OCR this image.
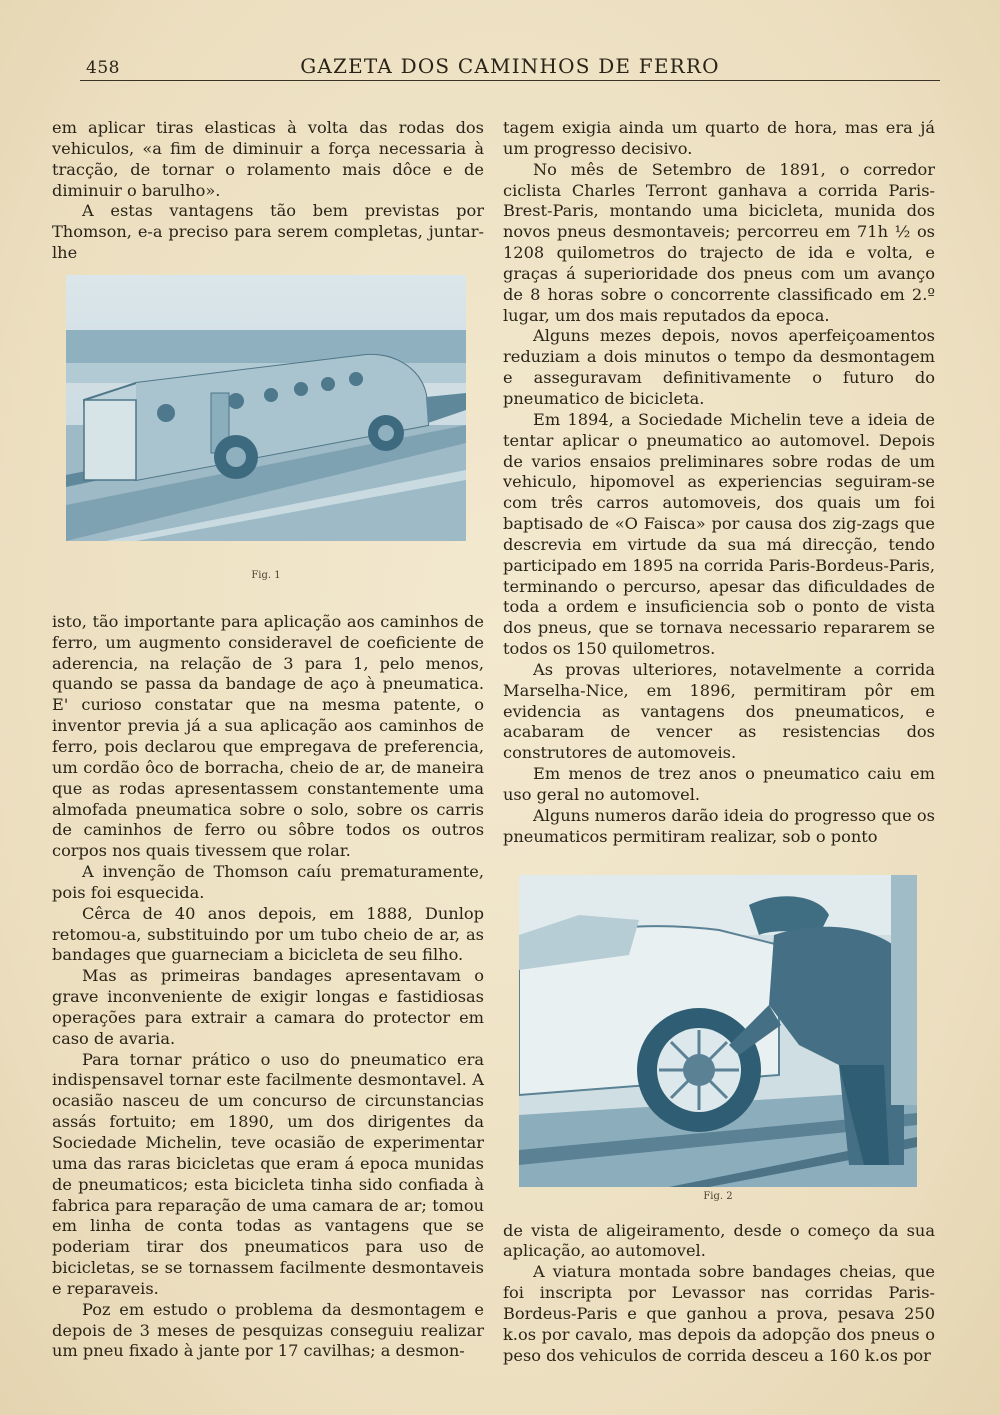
458	GAZETA DOS CAMINHOS DE FERRO

em aplicar tiras elasticas à volta das rodas dos vehiculos, «a fim de diminuir a força necessaria à tracção, de tornar o rolamento mais dôce e de diminuir o barulho».

A estas vantagens tão bem previstas por Thomson, e-a preciso para serem completas, juntar-lhe

Fig. 1

isto, tão importante para aplicação aos caminhos de ferro, um augmento consideravel de coeficiente de aderencia, na relação de 3 para 1, pelo menos, quando se passa da bandage de aço à pneumatica. E' curioso constatar que na mesma patente, o inventor previa já a sua aplicação aos caminhos de ferro, pois declarou que empregava de preferencia, um cordão ôco de borracha, cheio de ar, de maneira que as rodas apresentassem constantemente uma almofada pneumatica sobre o solo, sobre os carris de caminhos de ferro ou sôbre todos os outros corpos nos quais tivessem que rolar.

A invenção de Thomson caíu prematuramente, pois foi esquecida.

Cêrca de 40 anos depois, em 1888, Dunlop retomou-a, substituindo por um tubo cheio de ar, as bandages que guarneciam a bicicleta de seu filho.

Mas as primeiras bandages apresentavam o grave inconveniente de exigir longas e fastidiosas operações para extrair a camara do protector em caso de avaria.

Para tornar prático o uso do pneumatico era indispensavel tornar este facilmente desmontavel. A ocasião nasceu de um concurso de circunstancias assás fortuito; em 1890, um dos dirigentes da Sociedade Michelin, teve ocasião de experimentar uma das raras bicicletas que eram á epoca munidas de pneumaticos; esta bicicleta tinha sido confiada à fabrica para reparação de uma camara de ar; tomou em linha de conta todas as vantagens que se poderiam tirar dos pneumaticos para uso de bicicletas, se se tornassem facilmente desmontaveis e reparaveis.

Poz em estudo o problema da desmontagem e depois de 3 meses de pesquizas conseguiu realizar um pneu fixado à jante por 17 cavilhas; a desmon-

tagem exigia ainda um quarto de hora, mas era já um progresso decisivo.

No mês de Setembro de 1891, o corredor ciclista Charles Terront ganhava a corrida Paris-Brest-Paris, montando uma bicicleta, munida dos novos pneus desmontaveis; percorreu em 71h ½ os 1208 quilometros do trajecto de ida e volta, e graças á superioridade dos pneus com um avanço de 8 horas sobre o concorrente classificado em 2.º lugar, um dos mais reputados da epoca.

Alguns mezes depois, novos aperfeiçoamentos reduziam a dois minutos o tempo da desmontagem e asseguravam definitivamente o futuro do pneumatico de bicicleta.

Em 1894, a Sociedade Michelin teve a ideia de tentar aplicar o pneumatico ao automovel. Depois de varios ensaios preliminares sobre rodas de um vehiculo, hipomovel as experiencias seguiram-se com três carros automoveis, dos quais um foi baptisado de «O Faisca» por causa dos zig-zags que descrevia em virtude da sua má direcção, tendo participado em 1895 na corrida Paris-Bordeus-Paris, terminando o percurso, apesar das dificuldades de toda a ordem e insuficiencia sob o ponto de vista dos pneus, que se tornava necessario repararem se todos os 150 quilometros.

As provas ulteriores, notavelmente a corrida Marselha-Nice, em 1896, permitiram pôr em evidencia as vantagens dos pneumaticos, e acabaram de vencer as resistencias dos construtores de automoveis.

Em menos de trez anos o pneumatico caiu em uso geral no automovel.

Alguns numeros darão ideia do progresso que os pneumaticos permitiram realizar, sob o ponto

Fig. 2

de vista de aligeiramento, desde o começo da sua aplicação, ao automovel.

A viatura montada sobre bandages cheias, que foi inscripta por Levassor nas corridas Paris-Bordeus-Paris e que ganhou a prova, pesava 250 k.os por cavalo, mas depois da adopção dos pneus o peso dos vehiculos de corrida desceu a 160 k.os por
